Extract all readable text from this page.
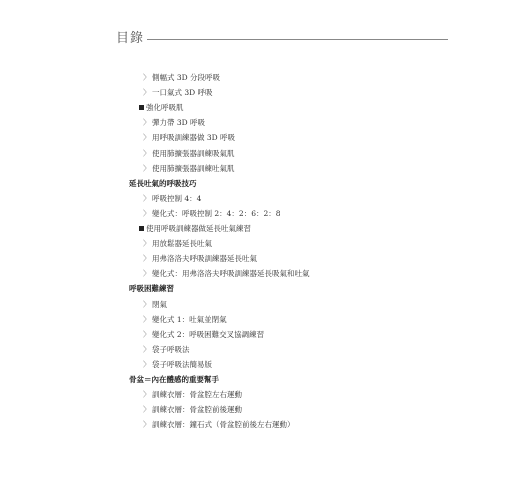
目錄
〉 側幅式 3D 分段呼吸
〉 一口氣式 3D 呼吸
強化呼吸肌
〉 彈力帶 3D 呼吸
〉 用呼吸訓練器做 3D 呼吸
〉 使用肺擴張器訓練吸氣肌
〉 使用肺擴張器訓練吐氣肌
延長吐氣的呼吸技巧
〉 呼吸控制 4：4
〉 變化式：呼吸控制 2：4：2：6：2：8
使用呼吸訓練器做延長吐氣練習
〉 用放鬆器延長吐氣
〉 用弗洛洛夫呼吸訓練器延長吐氣
〉 變化式：用弗洛洛夫呼吸訓練器延長吸氣和吐氣
呼吸困難練習
〉 閉氣
〉 變化式 1：吐氣並閉氣
〉 變化式 2：呼吸困難交叉協調練習
〉 袋子呼吸法
〉 袋子呼吸法簡易版
骨盆＝內在體感的重要幫手
〉 訓練衣層：骨盆腔左右運動
〉 訓練衣層：骨盆腔前後運動
〉 訓練衣層：鐘石式（骨盆腔前後左右運動）
